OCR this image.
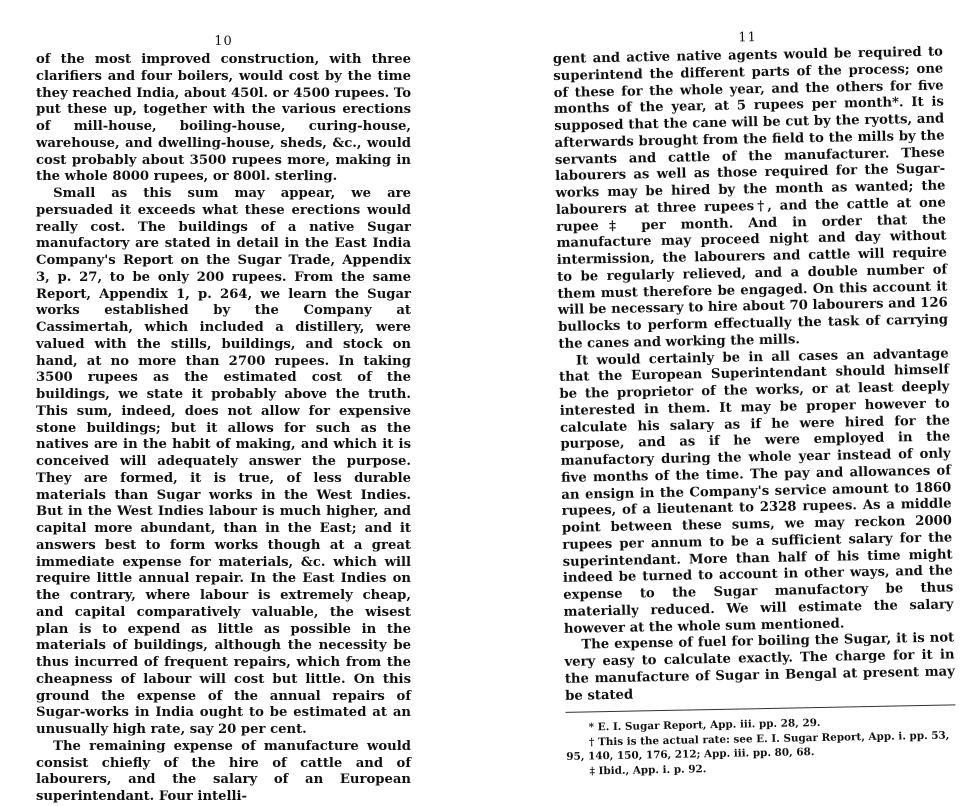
10

of the most improved construction, with three clarifiers and four boilers, would cost by the time they reached India, about 450l. or 4500 rupees. To put these up, together with the various erections of mill-house, boiling-house, curing-house, warehouse, and dwelling-house, sheds, &c., would cost probably about 3500 rupees more, making in the whole 8000 rupees, or 800l. sterling.

Small as this sum may appear, we are persuaded it exceeds what these erections would really cost. The buildings of a native Sugar manufactory are stated in detail in the East India Company's Report on the Sugar Trade, Appendix 3, p. 27, to be only 200 rupees. From the same Report, Appendix 1, p. 264, we learn the Sugar works established by the Company at Cassimertah, which included a distillery, were valued with the stills, buildings, and stock on hand, at no more than 2700 rupees. In taking 3500 rupees as the estimated cost of the buildings, we state it probably above the truth. This sum, indeed, does not allow for expensive stone buildings; but it allows for such as the natives are in the habit of making, and which it is conceived will adequately answer the purpose. They are formed, it is true, of less durable materials than Sugar works in the West Indies. But in the West Indies labour is much higher, and capital more abundant, than in the East; and it answers best to form works though at a great immediate expense for materials, &c. which will require little annual repair. In the East Indies on the contrary, where labour is extremely cheap, and capital comparatively valuable, the wisest plan is to expend as little as possible in the materials of buildings, although the necessity be thus incurred of frequent repairs, which from the cheapness of labour will cost but little. On this ground the expense of the annual repairs of Sugar-works in India ought to be estimated at an unusually high rate, say 20 per cent.

The remaining expense of manufacture would consist chiefly of the hire of cattle and of labourers, and the salary of an European superintendant. Four intelli-

11

gent and active native agents would be required to superintend the different parts of the process; one of these for the whole year, and the others for five months of the year, at 5 rupees per month*. It is supposed that the cane will be cut by the ryotts, and afterwards brought from the field to the mills by the servants and cattle of the manufacturer. These labourers as well as those required for the Sugar-works may be hired by the month as wanted; the labourers at three rupees†, and the cattle at one rupee‡ per month. And in order that the manufacture may proceed night and day without intermission, the labourers and cattle will require to be regularly relieved, and a double number of them must therefore be engaged. On this account it will be necessary to hire about 70 labourers and 126 bullocks to perform effectually the task of carrying the canes and working the mills.

It would certainly be in all cases an advantage that the European Superintendant should himself be the proprietor of the works, or at least deeply interested in them. It may be proper however to calculate his salary as if he were hired for the purpose, and as if he were employed in the manufactory during the whole year instead of only five months of the time. The pay and allowances of an ensign in the Company's service amount to 1860 rupees, of a lieutenant to 2328 rupees. As a middle point between these sums, we may reckon 2000 rupees per annum to be a sufficient salary for the superintendant. More than half of his time might indeed be turned to account in other ways, and the expense to the Sugar manufactory be thus materially reduced. We will estimate the salary however at the whole sum mentioned.

The expense of fuel for boiling the Sugar, it is not very easy to calculate exactly. The charge for it in the manufacture of Sugar in Bengal at present may be stated

* E. I. Sugar Report, App. iii. pp. 28, 29.

† This is the actual rate: see E. I. Sugar Report, App. i. pp. 53, 95, 140, 150, 176, 212; App. iii. pp. 80, 68.

‡ Ibid., App. i. p. 92.
